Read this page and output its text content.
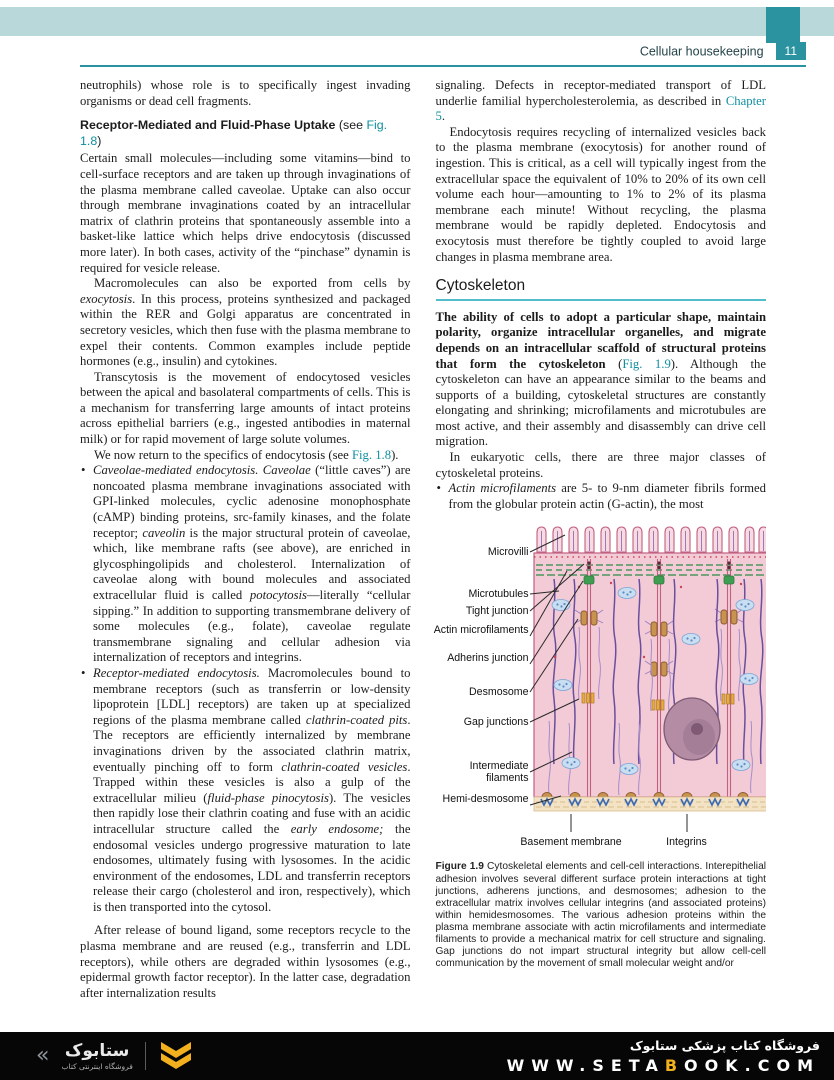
Cellular housekeeping 11

neutrophils) whose role is to specifically ingest invading organisms or dead cell fragments.

Receptor-Mediated and Fluid-Phase Uptake (see Fig. 1.8)

Certain small molecules—including some vitamins—bind to cell-surface receptors and are taken up through invaginations of the plasma membrane called caveolae. Uptake can also occur through membrane invaginations coated by an intracellular matrix of clathrin proteins that spontaneously assemble into a basket-like lattice which helps drive endocytosis (discussed more later). In both cases, activity of the “pinchase” dynamin is required for vesicle release.

Macromolecules can also be exported from cells by exocytosis. In this process, proteins synthesized and packaged within the RER and Golgi apparatus are concentrated in secretory vesicles, which then fuse with the plasma membrane to expel their contents. Common examples include peptide hormones (e.g., insulin) and cytokines.

Transcytosis is the movement of endocytosed vesicles between the apical and basolateral compartments of cells. This is a mechanism for transferring large amounts of intact proteins across epithelial barriers (e.g., ingested antibodies in maternal milk) or for rapid movement of large solute volumes.

We now return to the specifics of endocytosis (see Fig. 1.8).

• Caveolae-mediated endocytosis. Caveolae (“little caves”) are noncoated plasma membrane invaginations associated with GPI-linked molecules, cyclic adenosine monophosphate (cAMP) binding proteins, src-family kinases, and the folate receptor; caveolin is the major structural protein of caveolae, which, like membrane rafts (see above), are enriched in glycosphingolipids and cholesterol. Internalization of caveolae along with bound molecules and associated extracellular fluid is called potocytosis—literally “cellular sipping.” In addition to supporting transmembrane delivery of some molecules (e.g., folate), caveolae regulate transmembrane signaling and cellular adhesion via internalization of receptors and integrins.
• Receptor-mediated endocytosis. Macromolecules bound to membrane receptors (such as transferrin or low-density lipoprotein [LDL] receptors) are taken up at specialized regions of the plasma membrane called clathrin-coated pits. The receptors are efficiently internalized by membrane invaginations driven by the associated clathrin matrix, eventually pinching off to form clathrin-coated vesicles. Trapped within these vesicles is also a gulp of the extracellular milieu (fluid-phase pinocytosis). The vesicles then rapidly lose their clathrin coating and fuse with an acidic intracellular structure called the early endosome; the endosomal vesicles undergo progressive maturation to late endosomes, ultimately fusing with lysosomes. In the acidic environment of the endosomes, LDL and transferrin receptors release their cargo (cholesterol and iron, respectively), which is then transported into the cytosol.

After release of bound ligand, some receptors recycle to the plasma membrane and are reused (e.g., transferrin and LDL receptors), while others are degraded within lysosomes (e.g., epidermal growth factor receptor). In the latter case, degradation after internalization results

signaling. Defects in receptor-mediated transport of LDL underlie familial hypercholesterolemia, as described in Chapter 5.

Endocytosis requires recycling of internalized vesicles back to the plasma membrane (exocytosis) for another round of ingestion. This is critical, as a cell will typically ingest from the extracellular space the equivalent of 10% to 20% of its own cell volume each hour—amounting to 1% to 2% of its plasma membrane each minute! Without recycling, the plasma membrane would be rapidly depleted. Endocytosis and exocytosis must therefore be tightly coupled to avoid large changes in plasma membrane area.

Cytoskeleton

The ability of cells to adopt a particular shape, maintain polarity, organize intracellular organelles, and migrate depends on an intracellular scaffold of structural proteins that form the cytoskeleton (Fig. 1.9). Although the cytoskeleton can have an appearance similar to the beams and supports of a building, cytoskeletal structures are constantly elongating and shrinking; microfilaments and microtubules are most active, and their assembly and disassembly can drive cell migration.

In eukaryotic cells, there are three major classes of cytoskeletal proteins.

• Actin microfilaments are 5- to 9-nm diameter fibrils formed from the globular protein actin (G-actin), the most
Microvilli
Microtubules
Tight junction
Actin microfilaments
Adherins junction
Desmosome
Gap junctions
Intermediate filaments
Hemi-desmosome
Basement membrane	Integrins

Figure 1.9 Cytoskeletal elements and cell-cell interactions. Interepithelial adhesion involves several different surface protein interactions at tight junctions, adherens junctions, and desmosomes; adhesion to the extracellular matrix involves cellular integrins (and associated proteins) within hemidesmosomes. The various adhesion proteins within the plasma membrane associate with actin microfilaments and intermediate filaments to provide a mechanical matrix for cell structure and signaling. Gap junctions do not impart structural integrity but allow cell-cell communication by the movement of small molecular weight and/or

« ستابوک
فروشگاه اینترنتی کتاب
فروشگاه کتاب پزشکی ستابوک
WWW.SETABOOK.COM
